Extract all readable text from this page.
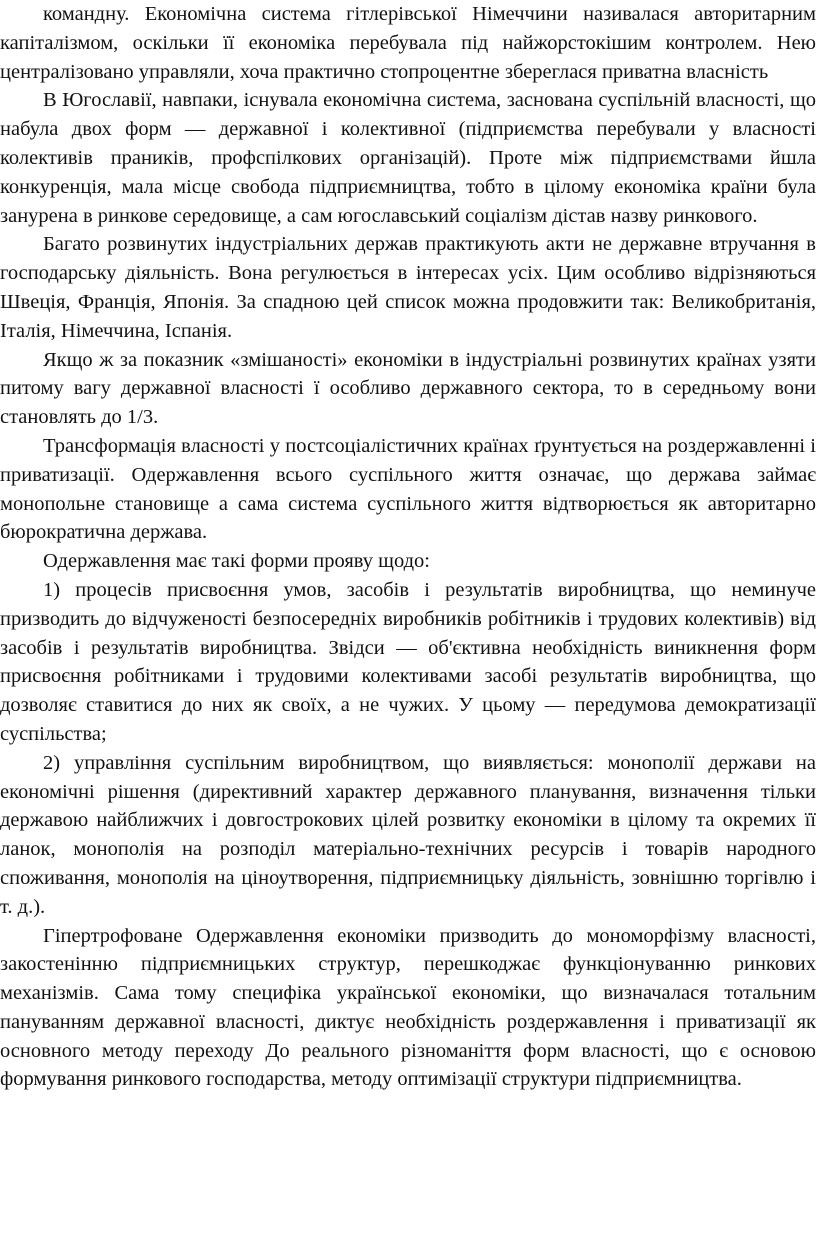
командну. Економічна система гітлерівської Німеччини називалася авторитарним капіталізмом, оскільки її економіка перебувала під найжорстокішим контролем. Нею централізовано управляли, хоча практично стопроцентне збереглася приватна власність

В Югославії, навпаки, існувала економічна система, заснована суспільній власності, що набула двох форм — державної і колективної (підприємства перебували у власності колективів праників, профспілкових організацій). Проте між підприємствами йшла конкуренція, мала місце свобода підприємництва, тобто в цілому економіка країни була занурена в ринкове середовище, а сам югославський соціалізм дістав назву ринкового.

Багато розвинутих індустріальних держав практикують акти не державне втручання в господарську діяльність. Вона регулюється в інтересах усіх. Цим особливо відрізняються Швеція, Франція, Японія. За спадною цей список можна продовжити так: Великобританія, Італія, Німеччина, Іспанія.

Якщо ж за показник «змішаності» економіки в індустріальні розвинутих країнах узяти питому вагу державної власності ї особливо державного сектора, то в середньому вони становлять до 1/3.

Трансформація власності у постсоціалістичних країнах ґрунтується на роздержавленні і приватизації. Одержавлення всього суспільного життя означає, що держава займає монопольне становище а сама система суспільного життя відтворюється як авторитарно бюрократична держава.

Одержавлення має такі форми прояву щодо:

1) процесів присвоєння умов, засобів і результатів виробництва, що неминуче призводить до відчуженості безпосередніх виробників робітників і трудових колективів) від засобів і результатів виробництва. Звідси — об'єктивна необхідність виникнення форм присвоєння робітниками і трудовими колективами засобі результатів виробництва, що дозволяє ставитися до них як своїх, а не чужих. У цьому — передумова демократизації суспільства;

2) управління суспільним виробництвом, що виявляється: монополії держави на економічні рішення (директивний характер державного планування, визначення тільки державою найближчих і довгострокових цілей розвитку економіки в цілому та окремих її ланок, монополія на розподіл матеріально-технічних ресурсів і товарів народного споживання, монополія на ціноутворення, підприємницьку діяльність, зовнішню торгівлю і т. д.).

Гіпертрофоване Одержавлення економіки призводить до мономорфізму власності, закостенінню підприємницьких структур, перешкоджає функціонуванню ринкових механізмів. Сама тому специфіка української економіки, що визначалася тотальним пануванням державної власності, диктує необхідність роздержавлення і приватизації як основного методу переходу До реального різноманіття форм власності, що є основою формування ринкового господарства, методу оптимізації структури підприємництва.
